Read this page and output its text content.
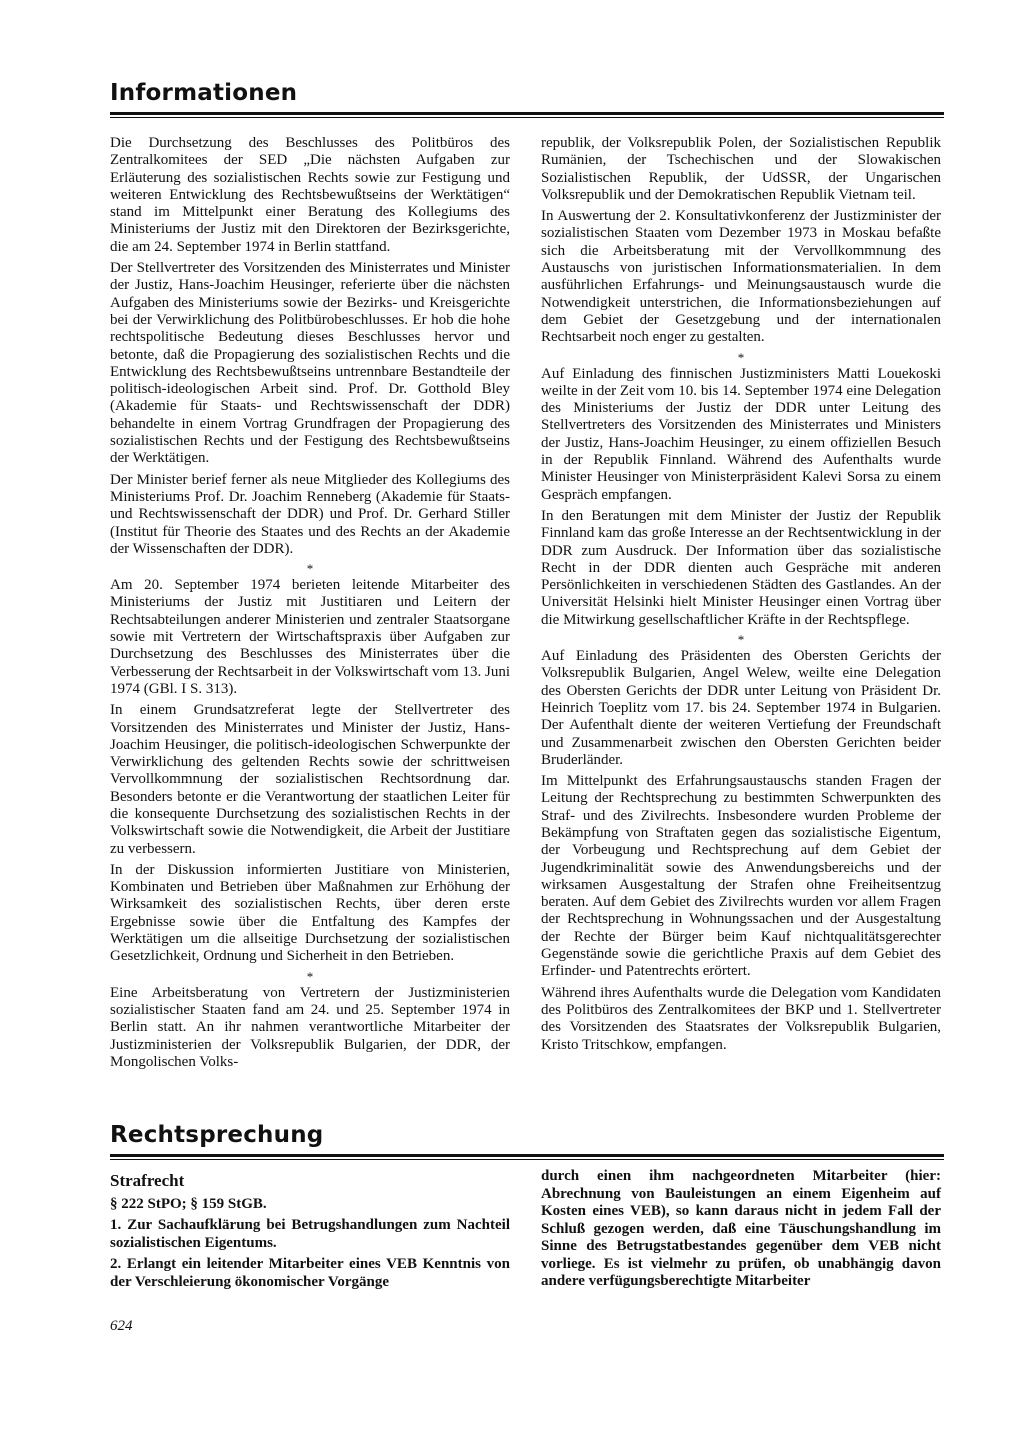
Informationen

Die Durchsetzung des Beschlusses des Politbüros des Zentralkomitees der SED „Die nächsten Aufgaben zur Erläuterung des sozialistischen Rechts sowie zur Festigung und weiteren Entwicklung des Rechtsbewußtseins der Werktätigen“ stand im Mittelpunkt einer Beratung des Kollegiums des Ministeriums der Justiz mit den Direktoren der Bezirksgerichte, die am 24. September 1974 in Berlin stattfand.

Der Stellvertreter des Vorsitzenden des Ministerrates und Minister der Justiz, Hans-Joachim Heusinger, referierte über die nächsten Aufgaben des Ministeriums sowie der Bezirks- und Kreisgerichte bei der Verwirklichung des Politbürobeschlusses. Er hob die hohe rechtspolitische Bedeutung dieses Beschlusses hervor und betonte, daß die Propagierung des sozialistischen Rechts und die Entwicklung des Rechtsbewußtseins untrennbare Bestandteile der politisch-ideologischen Arbeit sind. Prof. Dr. Gotthold Bley (Akademie für Staats- und Rechtswissenschaft der DDR) behandelte in einem Vortrag Grundfragen der Propagierung des sozialistischen Rechts und der Festigung des Rechtsbewußtseins der Werktätigen.

Der Minister berief ferner als neue Mitglieder des Kollegiums des Ministeriums Prof. Dr. Joachim Renneberg (Akademie für Staats- und Rechtswissenschaft der DDR) und Prof. Dr. Gerhard Stiller (Institut für Theorie des Staates und des Rechts an der Akademie der Wissenschaften der DDR).

*

Am 20. September 1974 berieten leitende Mitarbeiter des Ministeriums der Justiz mit Justitiaren und Leitern der Rechtsabteilungen anderer Ministerien und zentraler Staatsorgane sowie mit Vertretern der Wirtschaftspraxis über Aufgaben zur Durchsetzung des Beschlusses des Ministerrates über die Verbesserung der Rechtsarbeit in der Volkswirtschaft vom 13. Juni 1974 (GBl. I S. 313).

In einem Grundsatzreferat legte der Stellvertreter des Vorsitzenden des Ministerrates und Minister der Justiz, Hans-Joachim Heusinger, die politisch-ideologischen Schwerpunkte der Verwirklichung des geltenden Rechts sowie der schrittweisen Vervollkommnung der sozialistischen Rechtsordnung dar. Besonders betonte er die Verantwortung der staatlichen Leiter für die konsequente Durchsetzung des sozialistischen Rechts in der Volkswirtschaft sowie die Notwendigkeit, die Arbeit der Justitiare zu verbessern.

In der Diskussion informierten Justitiare von Ministerien, Kombinaten und Betrieben über Maßnahmen zur Erhöhung der Wirksamkeit des sozialistischen Rechts, über deren erste Ergebnisse sowie über die Entfaltung des Kampfes der Werktätigen um die allseitige Durchsetzung der sozialistischen Gesetzlichkeit, Ordnung und Sicherheit in den Betrieben.

*

Eine Arbeitsberatung von Vertretern der Justizministerien sozialistischer Staaten fand am 24. und 25. September 1974 in Berlin statt. An ihr nahmen verantwortliche Mitarbeiter der Justizministerien der Volksrepublik Bulgarien, der DDR, der Mongolischen Volks-

republik, der Volksrepublik Polen, der Sozialistischen Republik Rumänien, der Tschechischen und der Slowakischen Sozialistischen Republik, der UdSSR, der Ungarischen Volksrepublik und der Demokratischen Republik Vietnam teil.

In Auswertung der 2. Konsultativkonferenz der Justizminister der sozialistischen Staaten vom Dezember 1973 in Moskau befaßte sich die Arbeitsberatung mit der Vervollkommnung des Austauschs von juristischen Informationsmaterialien. In dem ausführlichen Erfahrungs- und Meinungsaustausch wurde die Notwendigkeit unterstrichen, die Informationsbeziehungen auf dem Gebiet der Gesetzgebung und der internationalen Rechtsarbeit noch enger zu gestalten.

*

Auf Einladung des finnischen Justizministers Matti Louekoski weilte in der Zeit vom 10. bis 14. September 1974 eine Delegation des Ministeriums der Justiz der DDR unter Leitung des Stellvertreters des Vorsitzenden des Ministerrates und Ministers der Justiz, Hans-Joachim Heusinger, zu einem offiziellen Besuch in der Republik Finnland. Während des Aufenthalts wurde Minister Heusinger von Ministerpräsident Kalevi Sorsa zu einem Gespräch empfangen.

In den Beratungen mit dem Minister der Justiz der Republik Finnland kam das große Interesse an der Rechtsentwicklung in der DDR zum Ausdruck. Der Information über das sozialistische Recht in der DDR dienten auch Gespräche mit anderen Persönlichkeiten in verschiedenen Städten des Gastlandes. An der Universität Helsinki hielt Minister Heusinger einen Vortrag über die Mitwirkung gesellschaftlicher Kräfte in der Rechtspflege.

*

Auf Einladung des Präsidenten des Obersten Gerichts der Volksrepublik Bulgarien, Angel Welew, weilte eine Delegation des Obersten Gerichts der DDR unter Leitung von Präsident Dr. Heinrich Toeplitz vom 17. bis 24. September 1974 in Bulgarien. Der Aufenthalt diente der weiteren Vertiefung der Freundschaft und Zusammenarbeit zwischen den Obersten Gerichten beider Bruderländer.

Im Mittelpunkt des Erfahrungsaustauschs standen Fragen der Leitung der Rechtsprechung zu bestimmten Schwerpunkten des Straf- und des Zivilrechts. Insbesondere wurden Probleme der Bekämpfung von Straftaten gegen das sozialistische Eigentum, der Vorbeugung und Rechtsprechung auf dem Gebiet der Jugendkriminalität sowie des Anwendungsbereichs und der wirksamen Ausgestaltung der Strafen ohne Freiheitsentzug beraten. Auf dem Gebiet des Zivilrechts wurden vor allem Fragen der Rechtsprechung in Wohnungssachen und der Ausgestaltung der Rechte der Bürger beim Kauf nichtqualitätsgerechter Gegenstände sowie die gerichtliche Praxis auf dem Gebiet des Erfinder- und Patentrechts erörtert.

Während ihres Aufenthalts wurde die Delegation vom Kandidaten des Politbüros des Zentralkomitees der BKP und 1. Stellvertreter des Vorsitzenden des Staatsrates der Volksrepublik Bulgarien, Kristo Tritschkow, empfangen.

Rechtsprechung
Strafrecht

§ 222 StPO; § 159 StGB.

1. Zur Sachaufklärung bei Betrugshandlungen zum Nachteil sozialistischen Eigentums.

2. Erlangt ein leitender Mitarbeiter eines VEB Kenntnis von der Verschleierung ökonomischer Vorgänge

durch einen ihm nachgeordneten Mitarbeiter (hier: Abrechnung von Bauleistungen an einem Eigenheim auf Kosten eines VEB), so kann daraus nicht in jedem Fall der Schluß gezogen werden, daß eine Täuschungshandlung im Sinne des Betrugstatbestandes gegenüber dem VEB nicht vorliege. Es ist vielmehr zu prüfen, ob unabhängig davon andere verfügungsberechtigte Mitarbeiter

624
